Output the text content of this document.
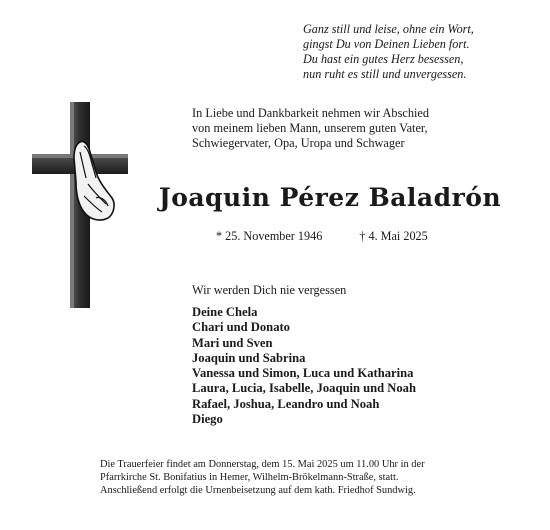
Ganz still und leise, ohne ein Wort,
gingst Du von Deinen Lieben fort.
Du hast ein gutes Herz besessen,
nun ruht es still und unvergessen.
In Liebe und Dankbarkeit nehmen wir Abschied
von meinem lieben Mann, unserem guten Vater,
Schwiegervater, Opa, Uropa und Schwager
Joaquin Pérez Baladrón
* 25. November 1946	† 4. Mai 2025
Wir werden Dich nie vergessen
Deine Chela
Chari und Donato
Mari und Sven
Joaquin und Sabrina
Vanessa und Simon, Luca und Katharina
Laura, Lucia, Isabelle, Joaquin und Noah
Rafael, Joshua, Leandro und Noah
Diego
Die Trauerfeier findet am Donnerstag, dem 15. Mai 2025 um 11.00 Uhr in der
Pfarrkirche St. Bonifatius in Hemer, Wilhelm-Brökelmann-Straße, statt.
Anschließend erfolgt die Urnenbeisetzung auf dem kath. Friedhof Sundwig.
